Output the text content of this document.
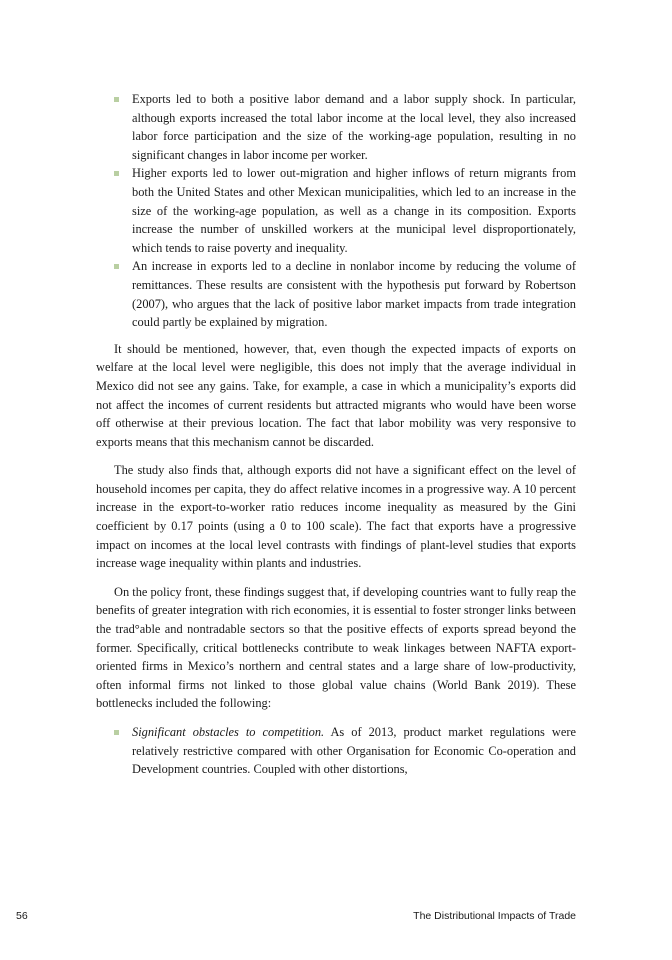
Exports led to both a positive labor demand and a labor supply shock. In particular, although exports increased the total labor income at the local level, they also increased labor force participation and the size of the working-age population, resulting in no significant changes in labor income per worker.
Higher exports led to lower out-migration and higher inflows of return migrants from both the United States and other Mexican municipalities, which led to an increase in the size of the working-age population, as well as a change in its composition. Exports increase the number of unskilled workers at the municipal level disproportionately, which tends to raise poverty and inequality.
An increase in exports led to a decline in nonlabor income by reducing the volume of remittances. These results are consistent with the hypothesis put forward by Robertson (2007), who argues that the lack of positive labor market impacts from trade integration could partly be explained by migration.

It should be mentioned, however, that, even though the expected impacts of exports on welfare at the local level were negligible, this does not imply that the average individual in Mexico did not see any gains. Take, for example, a case in which a municipality’s exports did not affect the incomes of current residents but attracted migrants who would have been worse off otherwise at their previous location. The fact that labor mobility was very responsive to exports means that this mechanism cannot be discarded.

The study also finds that, although exports did not have a significant effect on the level of household incomes per capita, they do affect relative incomes in a progressive way. A 10 percent increase in the export-to-worker ratio reduces income inequality as measured by the Gini coefficient by 0.17 points (using a 0 to 100 scale). The fact that exports have a progressive impact on incomes at the local level contrasts with findings of plant-level studies that exports increase wage inequality within plants and industries.

On the policy front, these findings suggest that, if developing countries want to fully reap the benefits of greater integration with rich economies, it is essential to foster stronger links between the trad°able and nontradable sectors so that the positive effects of exports spread beyond the former. Specifically, critical bottlenecks contribute to weak linkages between NAFTA export-oriented firms in Mexico’s northern and central states and a large share of low-productivity, often informal firms not linked to those global value chains (World Bank 2019). These bottlenecks included the following:

Significant obstacles to competition. As of 2013, product market regulations were relatively restrictive compared with other Organisation for Economic Co-operation and Development countries. Coupled with other distortions,
56	The Distributional Impacts of Trade
